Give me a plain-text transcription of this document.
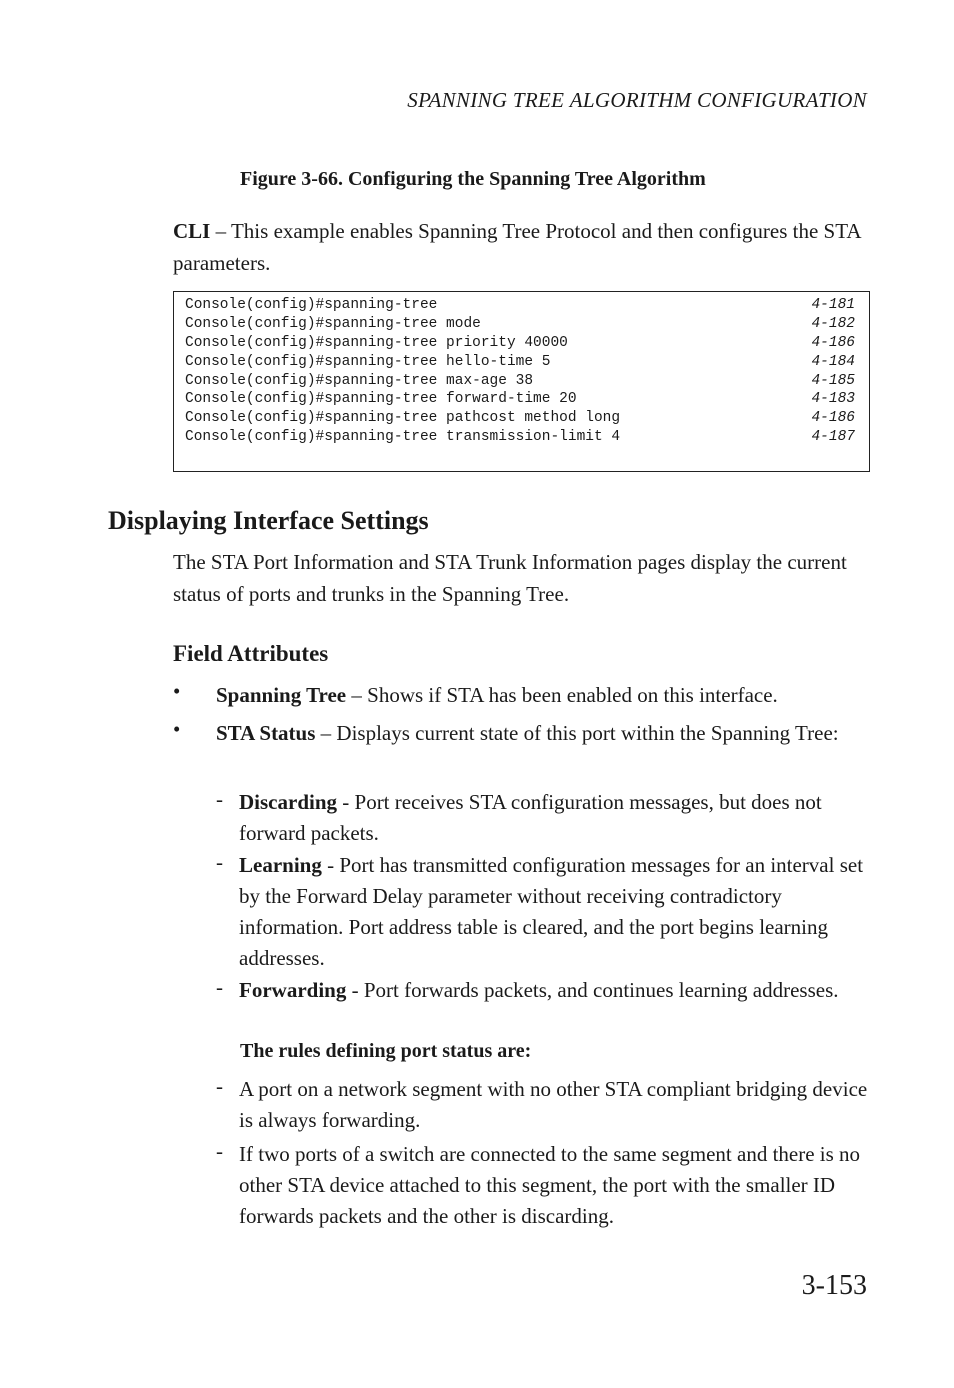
SPANNING TREE ALGORITHM CONFIGURATION
Figure 3-66. Configuring the Spanning Tree Algorithm
CLI – This example enables Spanning Tree Protocol and then configures the STA parameters.
Console(config)#spanning-tree	4-181
Console(config)#spanning-tree mode	4-182
Console(config)#spanning-tree priority 40000	4-186
Console(config)#spanning-tree hello-time 5	4-184
Console(config)#spanning-tree max-age 38	4-185
Console(config)#spanning-tree forward-time 20	4-183
Console(config)#spanning-tree pathcost method long	4-186
Console(config)#spanning-tree transmission-limit 4	4-187
Displaying Interface Settings
The STA Port Information and STA Trunk Information pages display the current status of ports and trunks in the Spanning Tree.
Field Attributes
• Spanning Tree – Shows if STA has been enabled on this interface.
• STA Status – Displays current state of this port within the Spanning Tree:
- Discarding - Port receives STA configuration messages, but does not forward packets.
- Learning - Port has transmitted configuration messages for an interval set by the Forward Delay parameter without receiving contradictory information. Port address table is cleared, and the port begins learning addresses.
- Forwarding - Port forwards packets, and continues learning addresses.
The rules defining port status are:
- A port on a network segment with no other STA compliant bridging device is always forwarding.
- If two ports of a switch are connected to the same segment and there is no other STA device attached to this segment, the port with the smaller ID forwards packets and the other is discarding.
3-153
